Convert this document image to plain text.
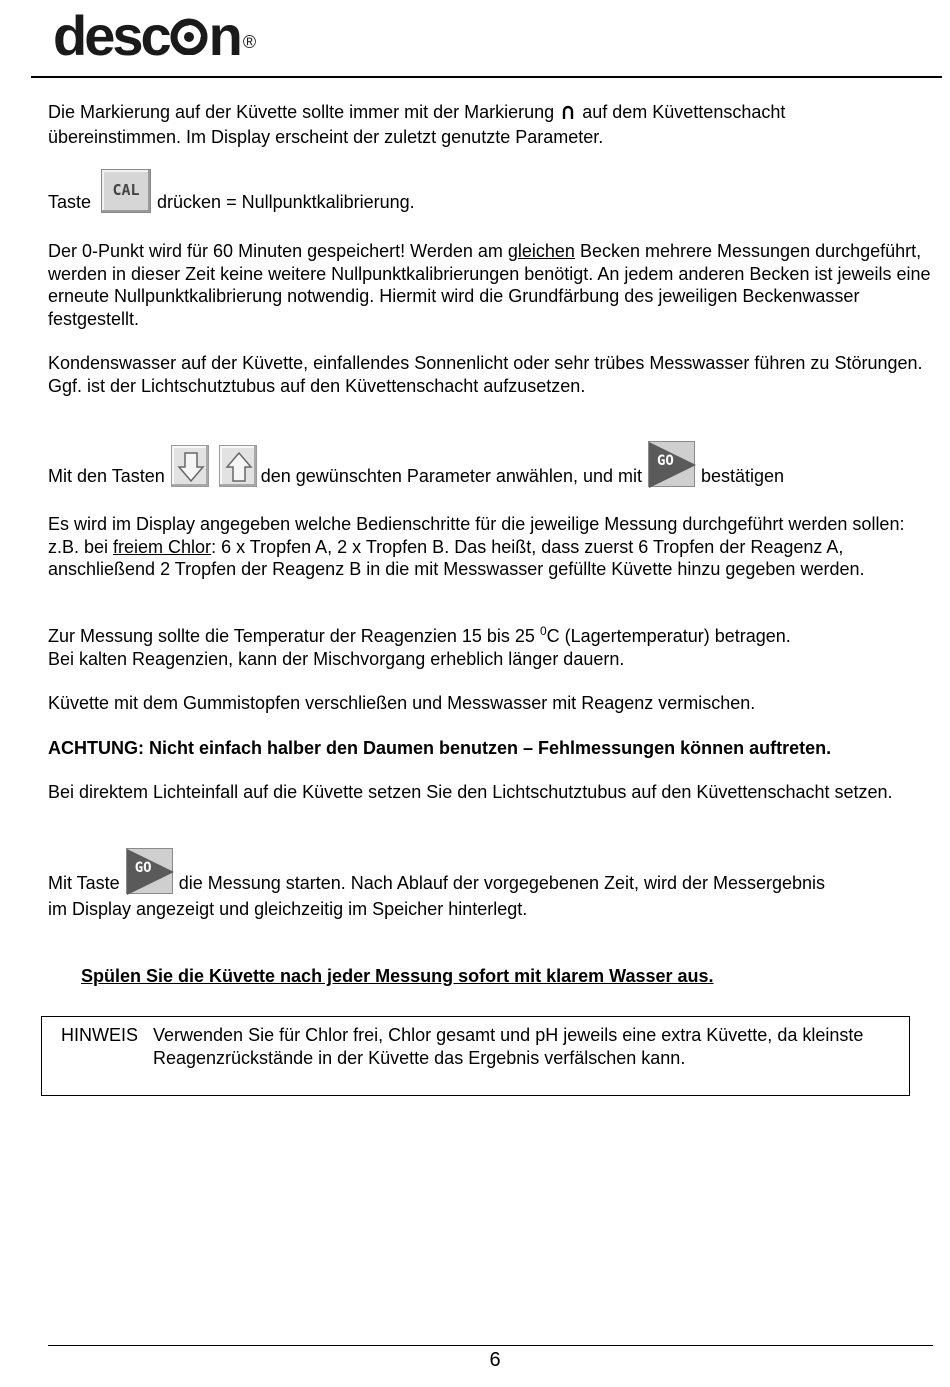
desc n ®

Die Markierung auf der Küvette sollte immer mit der Markierung auf dem Küvettenschacht
übereinstimmen. Im Display erscheint der zuletzt genutzte Parameter.

Taste
CAL
drücken = Nullpunktkalibrierung.

Der 0-Punkt wird für 60 Minuten gespeichert! Werden am gleichen Becken mehrere Messungen durchgeführt, werden in dieser Zeit keine weitere Nullpunktkalibrierungen benötigt. An jedem anderen Becken ist jeweils eine erneute Nullpunktkalibrierung notwendig. Hiermit wird die Grundfärbung des jeweiligen Beckenwasser festgestellt.

Kondenswasser auf der Küvette, einfallendes Sonnenlicht oder sehr trübes Messwasser führen zu Störungen. Ggf. ist der Lichtschutztubus auf den Küvettenschacht aufzusetzen.

Mit den Tasten	den gewünschten Parameter anwählen, und mit
GO
bestätigen

Es wird im Display angegeben welche Bedienschritte für die jeweilige Messung durchgeführt werden sollen: z.B. bei freiem Chlor: 6 x Tropfen A, 2 x Tropfen B. Das heißt, dass zuerst 6 Tropfen der Reagenz A, anschließend 2 Tropfen der Reagenz B in die mit Messwasser gefüllte Küvette hinzu gegeben werden.

Zur Messung sollte die Temperatur der Reagenzien 15 bis 25 $^0$C (Lagertemperatur) betragen.
Bei kalten Reagenzien, kann der Mischvorgang erheblich länger dauern.

Küvette mit dem Gummistopfen verschließen und Messwasser mit Reagenz vermischen.

ACHTUNG: Nicht einfach halber den Daumen benutzen – Fehlmessungen können auftreten.

Bei direktem Lichteinfall auf die Küvette setzen Sie den Lichtschutztubus auf den Küvettenschacht setzen.

Mit Taste
GO
die Messung starten. Nach Ablauf der vorgegebenen Zeit, wird der Messergebnis

im Display angezeigt und gleichzeitig im Speicher hinterlegt.

Spülen Sie die Küvette nach jeder Messung sofort mit klarem Wasser aus.

HINWEIS Verwenden Sie für Chlor frei, Chlor gesamt und pH jeweils eine extra Küvette, da kleinste Reagenzrückstände in der Küvette das Ergebnis verfälschen kann.
6
